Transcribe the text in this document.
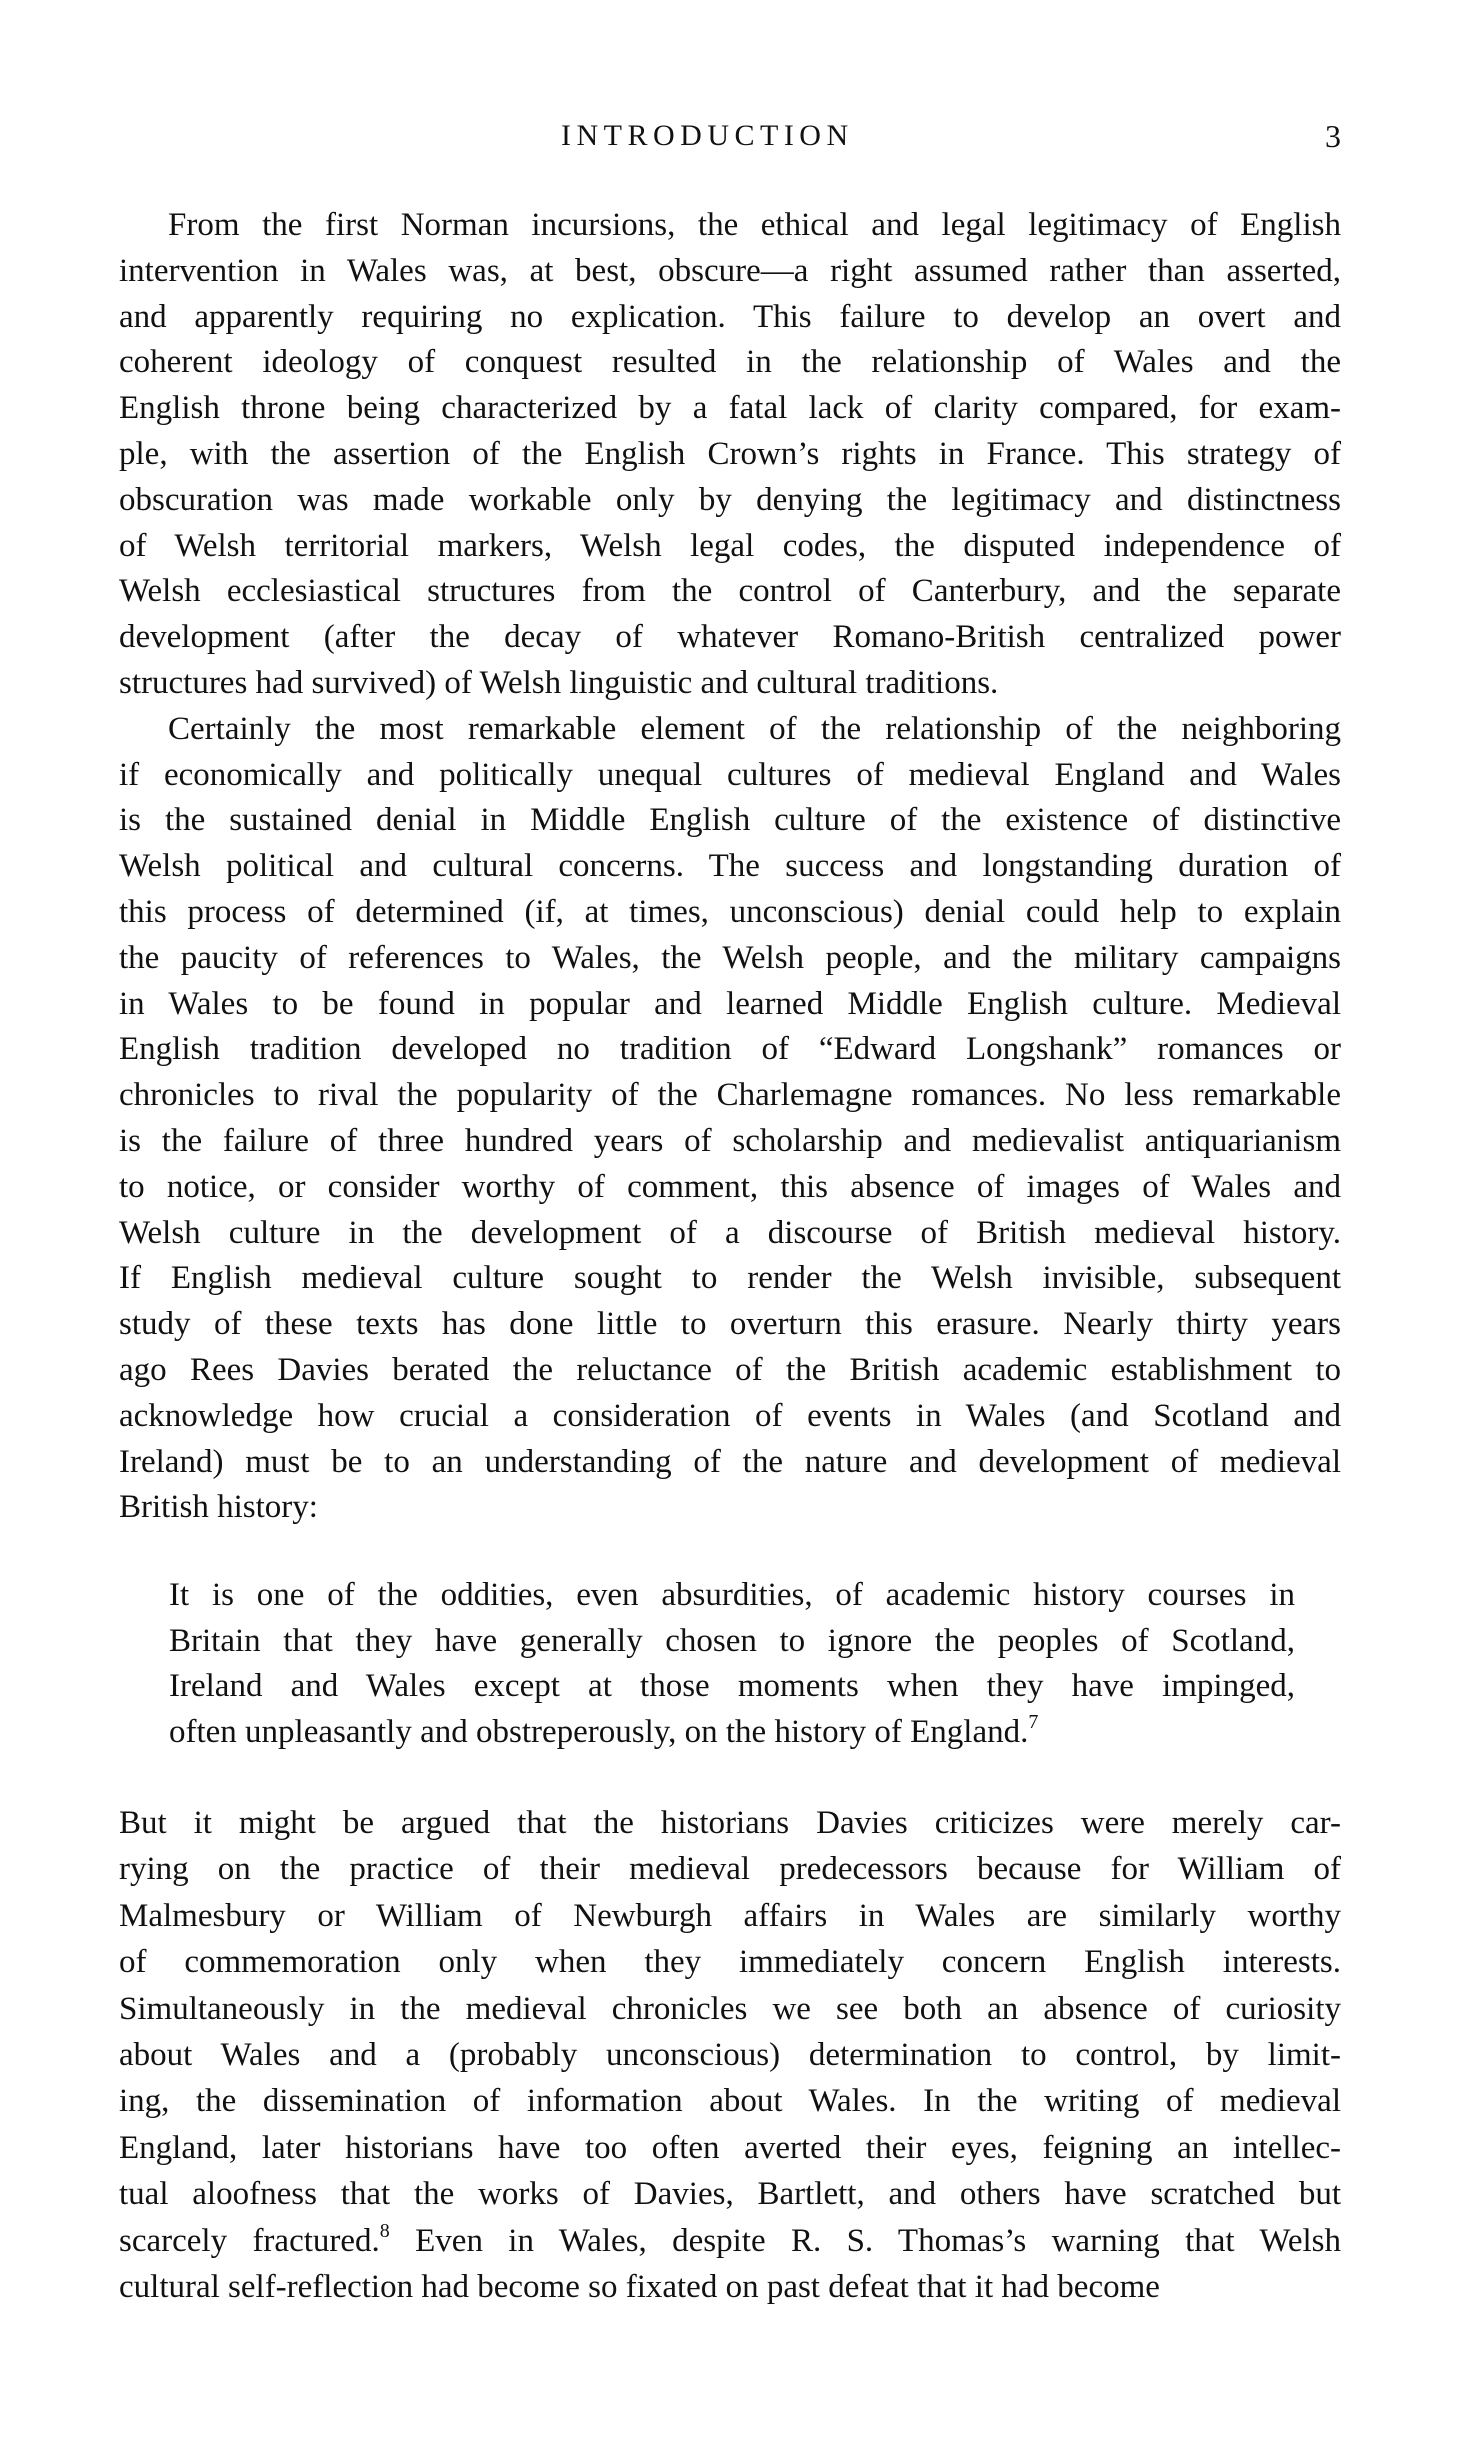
INTRODUCTION	3
From the first Norman incursions, the ethical and legal legitimacy of English
intervention in Wales was, at best, obscure—a right assumed rather than asserted,
and apparently requiring no explication. This failure to develop an overt and
coherent ideology of conquest resulted in the relationship of Wales and the
English throne being characterized by a fatal lack of clarity compared, for exam-
ple, with the assertion of the English Crown’s rights in France. This strategy of
obscuration was made workable only by denying the legitimacy and distinctness
of Welsh territorial markers, Welsh legal codes, the disputed independence of
Welsh ecclesiastical structures from the control of Canterbury, and the separate
development (after the decay of whatever Romano-British centralized power
structures had survived) of Welsh linguistic and cultural traditions.
Certainly the most remarkable element of the relationship of the neighboring
if economically and politically unequal cultures of medieval England and Wales
is the sustained denial in Middle English culture of the existence of distinctive
Welsh political and cultural concerns. The success and longstanding duration of
this process of determined (if, at times, unconscious) denial could help to explain
the paucity of references to Wales, the Welsh people, and the military campaigns
in Wales to be found in popular and learned Middle English culture. Medieval
English tradition developed no tradition of “Edward Longshank” romances or
chronicles to rival the popularity of the Charlemagne romances. No less remarkable
is the failure of three hundred years of scholarship and medievalist antiquarianism
to notice, or consider worthy of comment, this absence of images of Wales and
Welsh culture in the development of a discourse of British medieval history.
If English medieval culture sought to render the Welsh invisible, subsequent
study of these texts has done little to overturn this erasure. Nearly thirty years
ago Rees Davies berated the reluctance of the British academic establishment to
acknowledge how crucial a consideration of events in Wales (and Scotland and
Ireland) must be to an understanding of the nature and development of medieval
British history:
It is one of the oddities, even absurdities, of academic history courses in
Britain that they have generally chosen to ignore the peoples of Scotland,
Ireland and Wales except at those moments when they have impinged,
often unpleasantly and obstreperously, on the history of England.$^7$
But it might be argued that the historians Davies criticizes were merely car-
rying on the practice of their medieval predecessors because for William of
Malmesbury or William of Newburgh affairs in Wales are similarly worthy
of commemoration only when they immediately concern English interests.
Simultaneously in the medieval chronicles we see both an absence of curiosity
about Wales and a (probably unconscious) determination to control, by limit-
ing, the dissemination of information about Wales. In the writing of medieval
England, later historians have too often averted their eyes, feigning an intellec-
tual aloofness that the works of Davies, Bartlett, and others have scratched but
scarcely fractured.$^8$ Even in Wales, despite R. S. Thomas’s warning that Welsh
cultural self-reflection had become so fixated on past defeat that it had become
